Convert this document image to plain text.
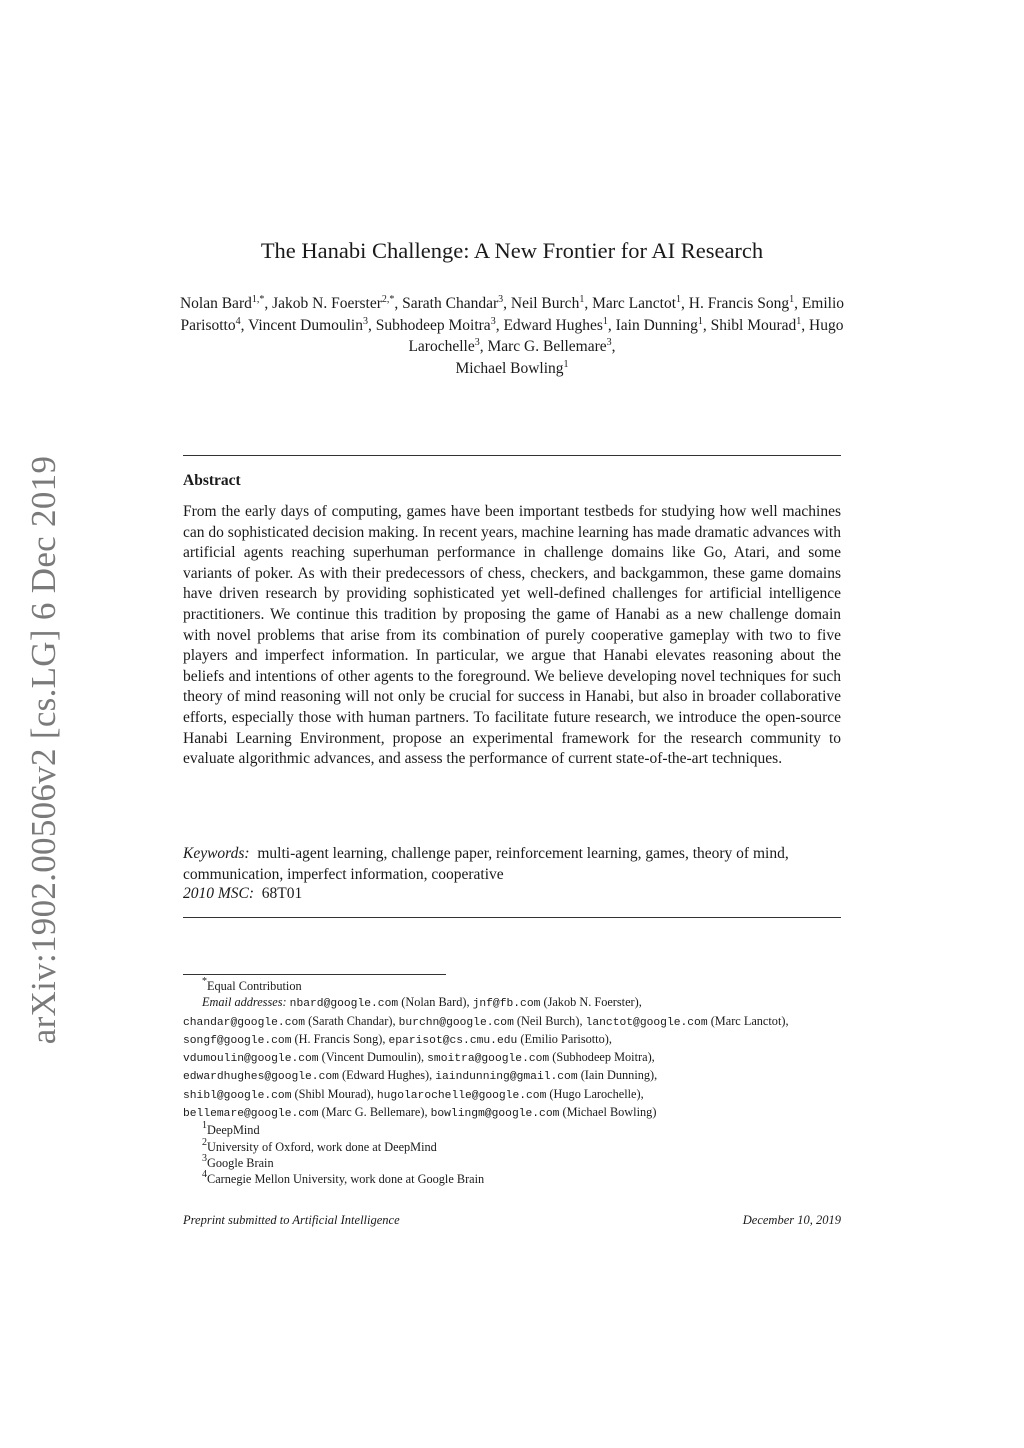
arXiv:1902.00506v2 [cs.LG] 6 Dec 2019
The Hanabi Challenge: A New Frontier for AI Research
Nolan Bard$^{1,*}$, Jakob N. Foerster$^{2,*}$, Sarath Chandar$^3$, Neil Burch$^1$, Marc Lanctot$^1$, H. Francis Song$^1$, Emilio Parisotto$^4$, Vincent Dumoulin$^3$, Subhodeep Moitra$^3$, Edward Hughes$^1$, Iain Dunning$^1$, Shibl Mourad$^1$, Hugo Larochelle$^3$, Marc G. Bellemare$^3$,
Michael Bowling$^1$
Abstract
From the early days of computing, games have been important testbeds for studying how well machines can do sophisticated decision making. In recent years, machine learning has made dramatic advances with artificial agents reaching superhuman performance in challenge domains like Go, Atari, and some variants of poker. As with their predecessors of chess, checkers, and backgammon, these game domains have driven research by providing sophisticated yet well-defined challenges for artificial intelligence practitioners. We continue this tradition by proposing the game of Hanabi as a new challenge domain with novel problems that arise from its combination of purely cooperative gameplay with two to five players and imperfect information. In particular, we argue that Hanabi elevates reasoning about the beliefs and intentions of other agents to the foreground. We believe developing novel techniques for such theory of mind reasoning will not only be crucial for success in Hanabi, but also in broader collaborative efforts, especially those with human partners. To facilitate future research, we introduce the open-source Hanabi Learning Environment, propose an experimental framework for the research community to evaluate algorithmic advances, and assess the performance of current state-of-the-art techniques.
Keywords: multi-agent learning, challenge paper, reinforcement learning, games, theory of mind, communication, imperfect information, cooperative
2010 MSC: 68T01
*Equal Contribution
Email addresses: nbard@google.com (Nolan Bard), jnf@fb.com (Jakob N. Foerster),
chandar@google.com (Sarath Chandar), burchn@google.com (Neil Burch), lanctot@google.com (Marc Lanctot),
songf@google.com (H. Francis Song), eparisot@cs.cmu.edu (Emilio Parisotto),
vdumoulin@google.com (Vincent Dumoulin), smoitra@google.com (Subhodeep Moitra),
edwardhughes@google.com (Edward Hughes), iaindunning@gmail.com (Iain Dunning),
shibl@google.com (Shibl Mourad), hugolarochelle@google.com (Hugo Larochelle),
bellemare@google.com (Marc G. Bellemare), bowlingm@google.com (Michael Bowling)
$^1$DeepMind
$^2$University of Oxford, work done at DeepMind
$^3$Google Brain
$^4$Carnegie Mellon University, work done at Google Brain
Preprint submitted to Artificial Intelligence	December 10, 2019
